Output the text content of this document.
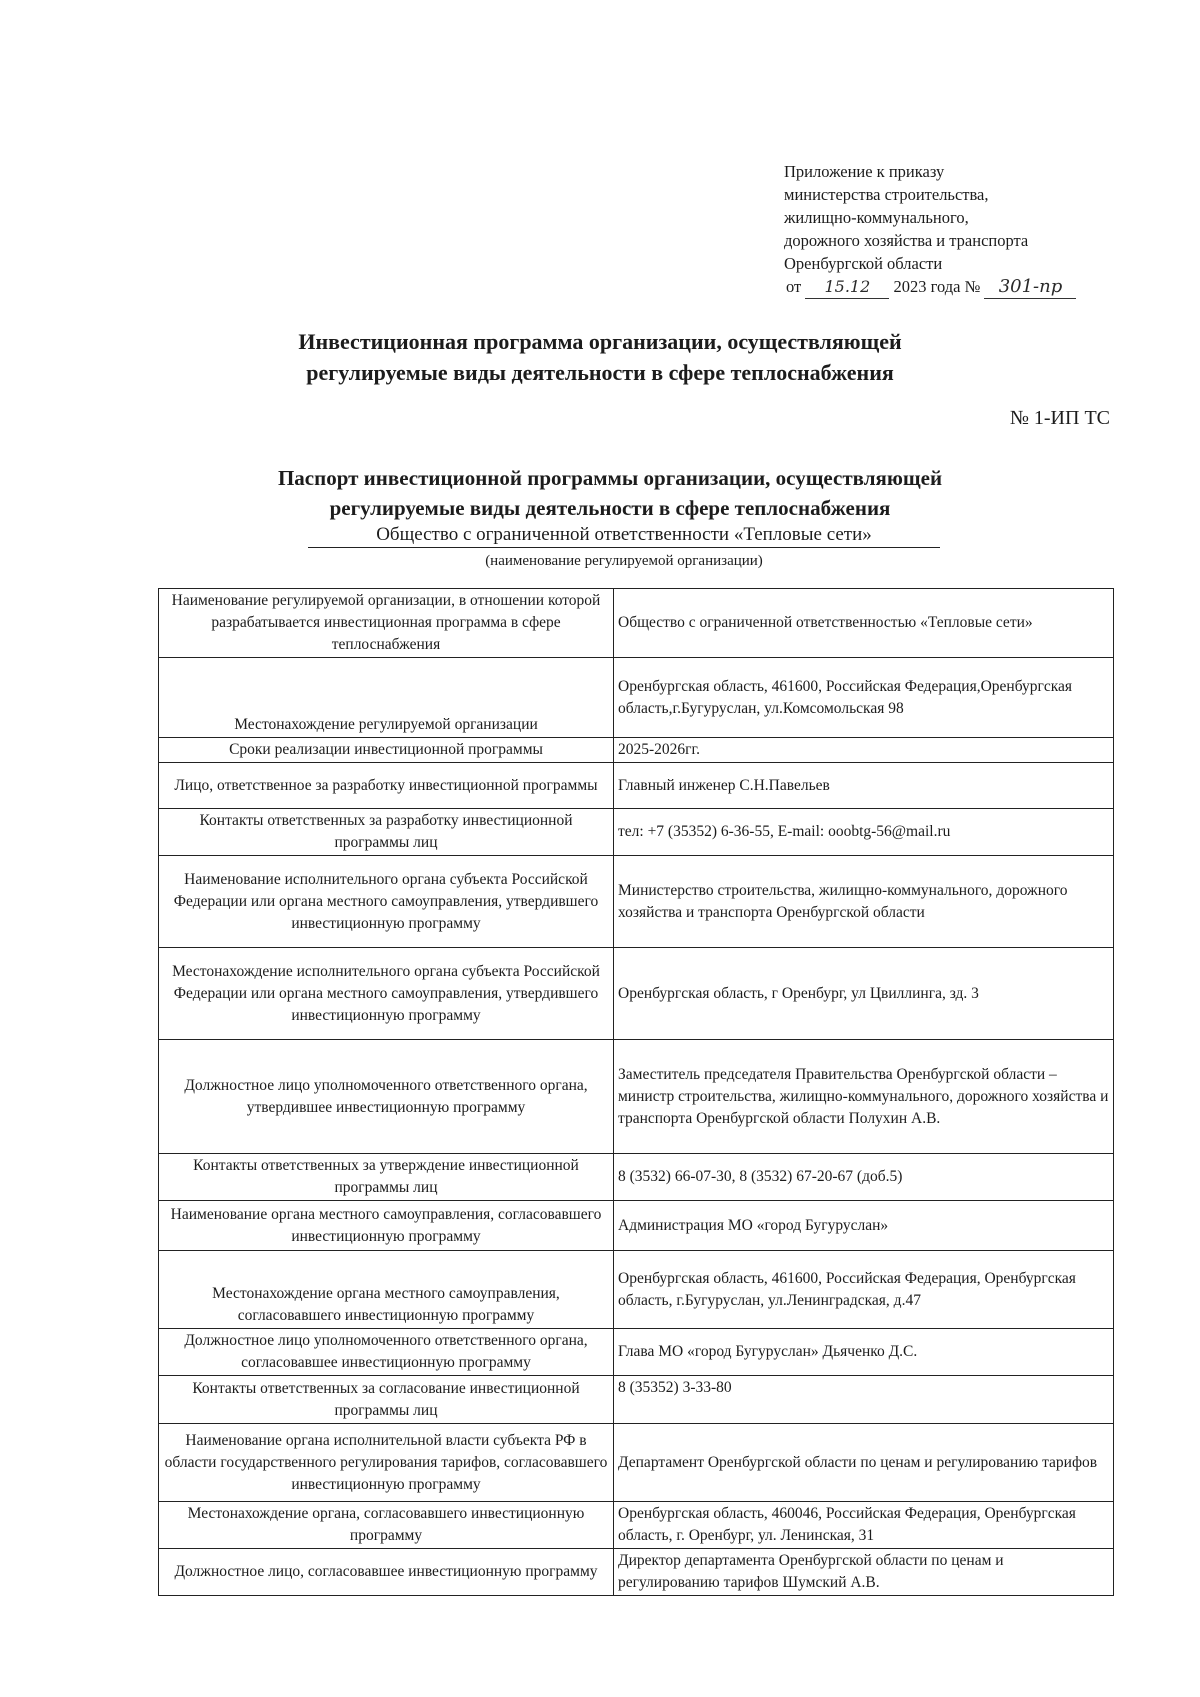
Приложение к приказу
министерства строительства,
жилищно-коммунального,
дорожного хозяйства и транспорта
Оренбургской области
от 15.12 2023 года № 301-пр
Инвестиционная программа организации, осуществляющей
регулируемые виды деятельности в сфере теплоснабжения
№ 1-ИП ТС
Паспорт инвестиционной программы организации, осуществляющей
регулируемые виды деятельности в сфере теплоснабжения
Общество с ограниченной ответственности «Тепловые сети»
(наименование регулируемой организации)
Наименование регулируемой организации, в отношении которой разрабатывается инвестиционная программа в сфере теплоснабжения	Общество с ограниченной ответственностью «Тепловые сети»
Местонахождение регулируемой организации	Оренбургская область, 461600, Российская Федерация,Оренбургская область,г.Бугуруслан, ул.Комсомольская 98
Сроки реализации инвестиционной программы	2025-2026гг.
Лицо, ответственное за разработку инвестиционной программы	Главный инженер С.Н.Павельев
Контакты ответственных за разработку инвестиционной программы лиц	тел: +7 (35352) 6-36-55, E-mail: ooobtg-56@mail.ru
Наименование исполнительного органа субъекта Российской Федерации или органа местного самоуправления, утвердившего инвестиционную программу	Министерство строительства, жилищно-коммунального, дорожного хозяйства и транспорта Оренбургской области
Местонахождение исполнительного органа субъекта Российской Федерации или органа местного самоуправления, утвердившего инвестиционную программу	Оренбургская область, г Оренбург, ул Цвиллинга, зд. 3
Должностное лицо уполномоченного ответственного органа, утвердившее инвестиционную программу	Заместитель председателя Правительства Оренбургской области – министр строительства, жилищно-коммунального, дорожного хозяйства и транспорта Оренбургской области Полухин А.В.
Контакты ответственных за утверждение инвестиционной программы лиц	8 (3532) 66-07-30, 8 (3532) 67-20-67 (доб.5)
Наименование органа местного самоуправления, согласовавшего инвестиционную программу	Администрация МО «город Бугуруслан»
Местонахождение органа местного самоуправления, согласовавшего инвестиционную программу	Оренбургская область, 461600, Российская Федерация, Оренбургская область, г.Бугуруслан, ул.Ленинградская, д.47
Должностное лицо уполномоченного ответственного органа, согласовавшее инвестиционную программу	Глава МО «город Бугуруслан» Дьяченко Д.С.
Контакты ответственных за согласование инвестиционной программы лиц	8 (35352) 3-33-80
Наименование органа исполнительной власти субъекта РФ в области государственного регулирования тарифов, согласовавшего инвестиционную программу	Департамент Оренбургской области по ценам и регулированию тарифов
Местонахождение органа, согласовавшего инвестиционную программу	Оренбургская область, 460046, Российская Федерация, Оренбургская область, г. Оренбург, ул. Ленинская, 31
Должностное лицо, согласовавшее инвестиционную программу	Директор департамента Оренбургской области по ценам и регулированию тарифов Шумский А.В.
